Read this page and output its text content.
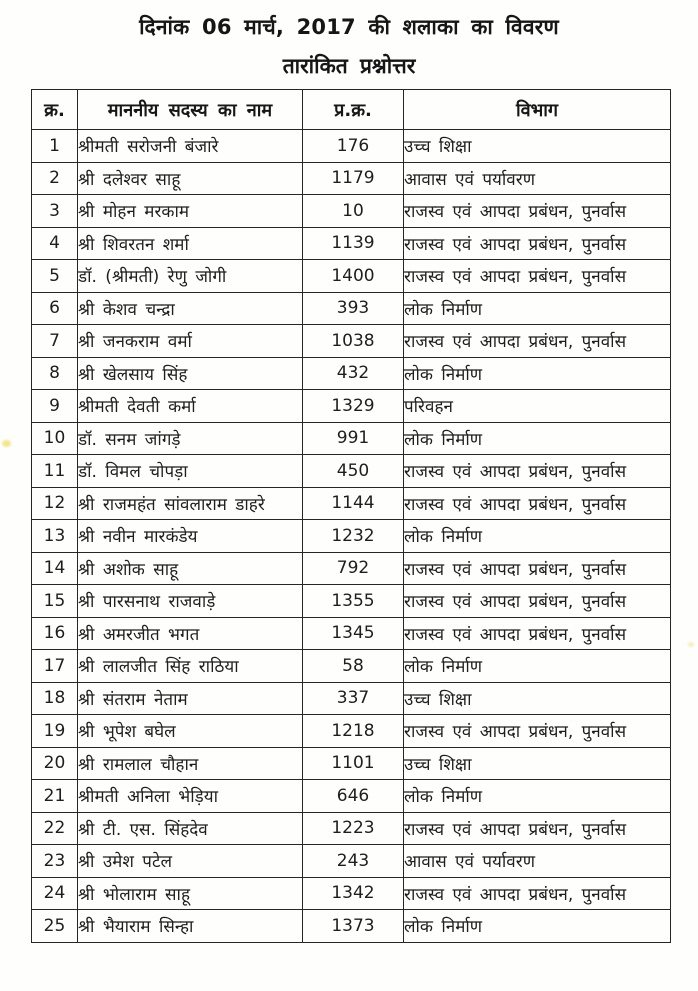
दिनांक 06 मार्च, 2017 की शलाका का विवरण
तारांकित प्रश्नोत्तर
क्र.	माननीय सदस्य का नाम	प्र.क्र.	विभाग
1	श्रीमती सरोजनी बंजारे	176	उच्च शिक्षा
2	श्री दलेश्वर साहू	1179	आवास एवं पर्यावरण
3	श्री मोहन मरकाम	10	राजस्व एवं आपदा प्रबंधन, पुनर्वास
4	श्री शिवरतन शर्मा	1139	राजस्व एवं आपदा प्रबंधन, पुनर्वास
5	डॉ. (श्रीमती) रेणु जोगी	1400	राजस्व एवं आपदा प्रबंधन, पुनर्वास
6	श्री केशव चन्द्रा	393	लोक निर्माण
7	श्री जनकराम वर्मा	1038	राजस्व एवं आपदा प्रबंधन, पुनर्वास
8	श्री खेलसाय सिंह	432	लोक निर्माण
9	श्रीमती देवती कर्मा	1329	परिवहन
10	डॉ. सनम जांगड़े	991	लोक निर्माण
11	डॉ. विमल चोपड़ा	450	राजस्व एवं आपदा प्रबंधन, पुनर्वास
12	श्री राजमहंत सांवलाराम डाहरे	1144	राजस्व एवं आपदा प्रबंधन, पुनर्वास
13	श्री नवीन मारकंडेय	1232	लोक निर्माण
14	श्री अशोक साहू	792	राजस्व एवं आपदा प्रबंधन, पुनर्वास
15	श्री पारसनाथ राजवाड़े	1355	राजस्व एवं आपदा प्रबंधन, पुनर्वास
16	श्री अमरजीत भगत	1345	राजस्व एवं आपदा प्रबंधन, पुनर्वास
17	श्री लालजीत सिंह राठिया	58	लोक निर्माण
18	श्री संतराम नेताम	337	उच्च शिक्षा
19	श्री भूपेश बघेल	1218	राजस्व एवं आपदा प्रबंधन, पुनर्वास
20	श्री रामलाल चौहान	1101	उच्च शिक्षा
21	श्रीमती अनिला भेड़िया	646	लोक निर्माण
22	श्री टी. एस. सिंहदेव	1223	राजस्व एवं आपदा प्रबंधन, पुनर्वास
23	श्री उमेश पटेल	243	आवास एवं पर्यावरण
24	श्री भोलाराम साहू	1342	राजस्व एवं आपदा प्रबंधन, पुनर्वास
25	श्री भैयाराम सिन्हा	1373	लोक निर्माण
